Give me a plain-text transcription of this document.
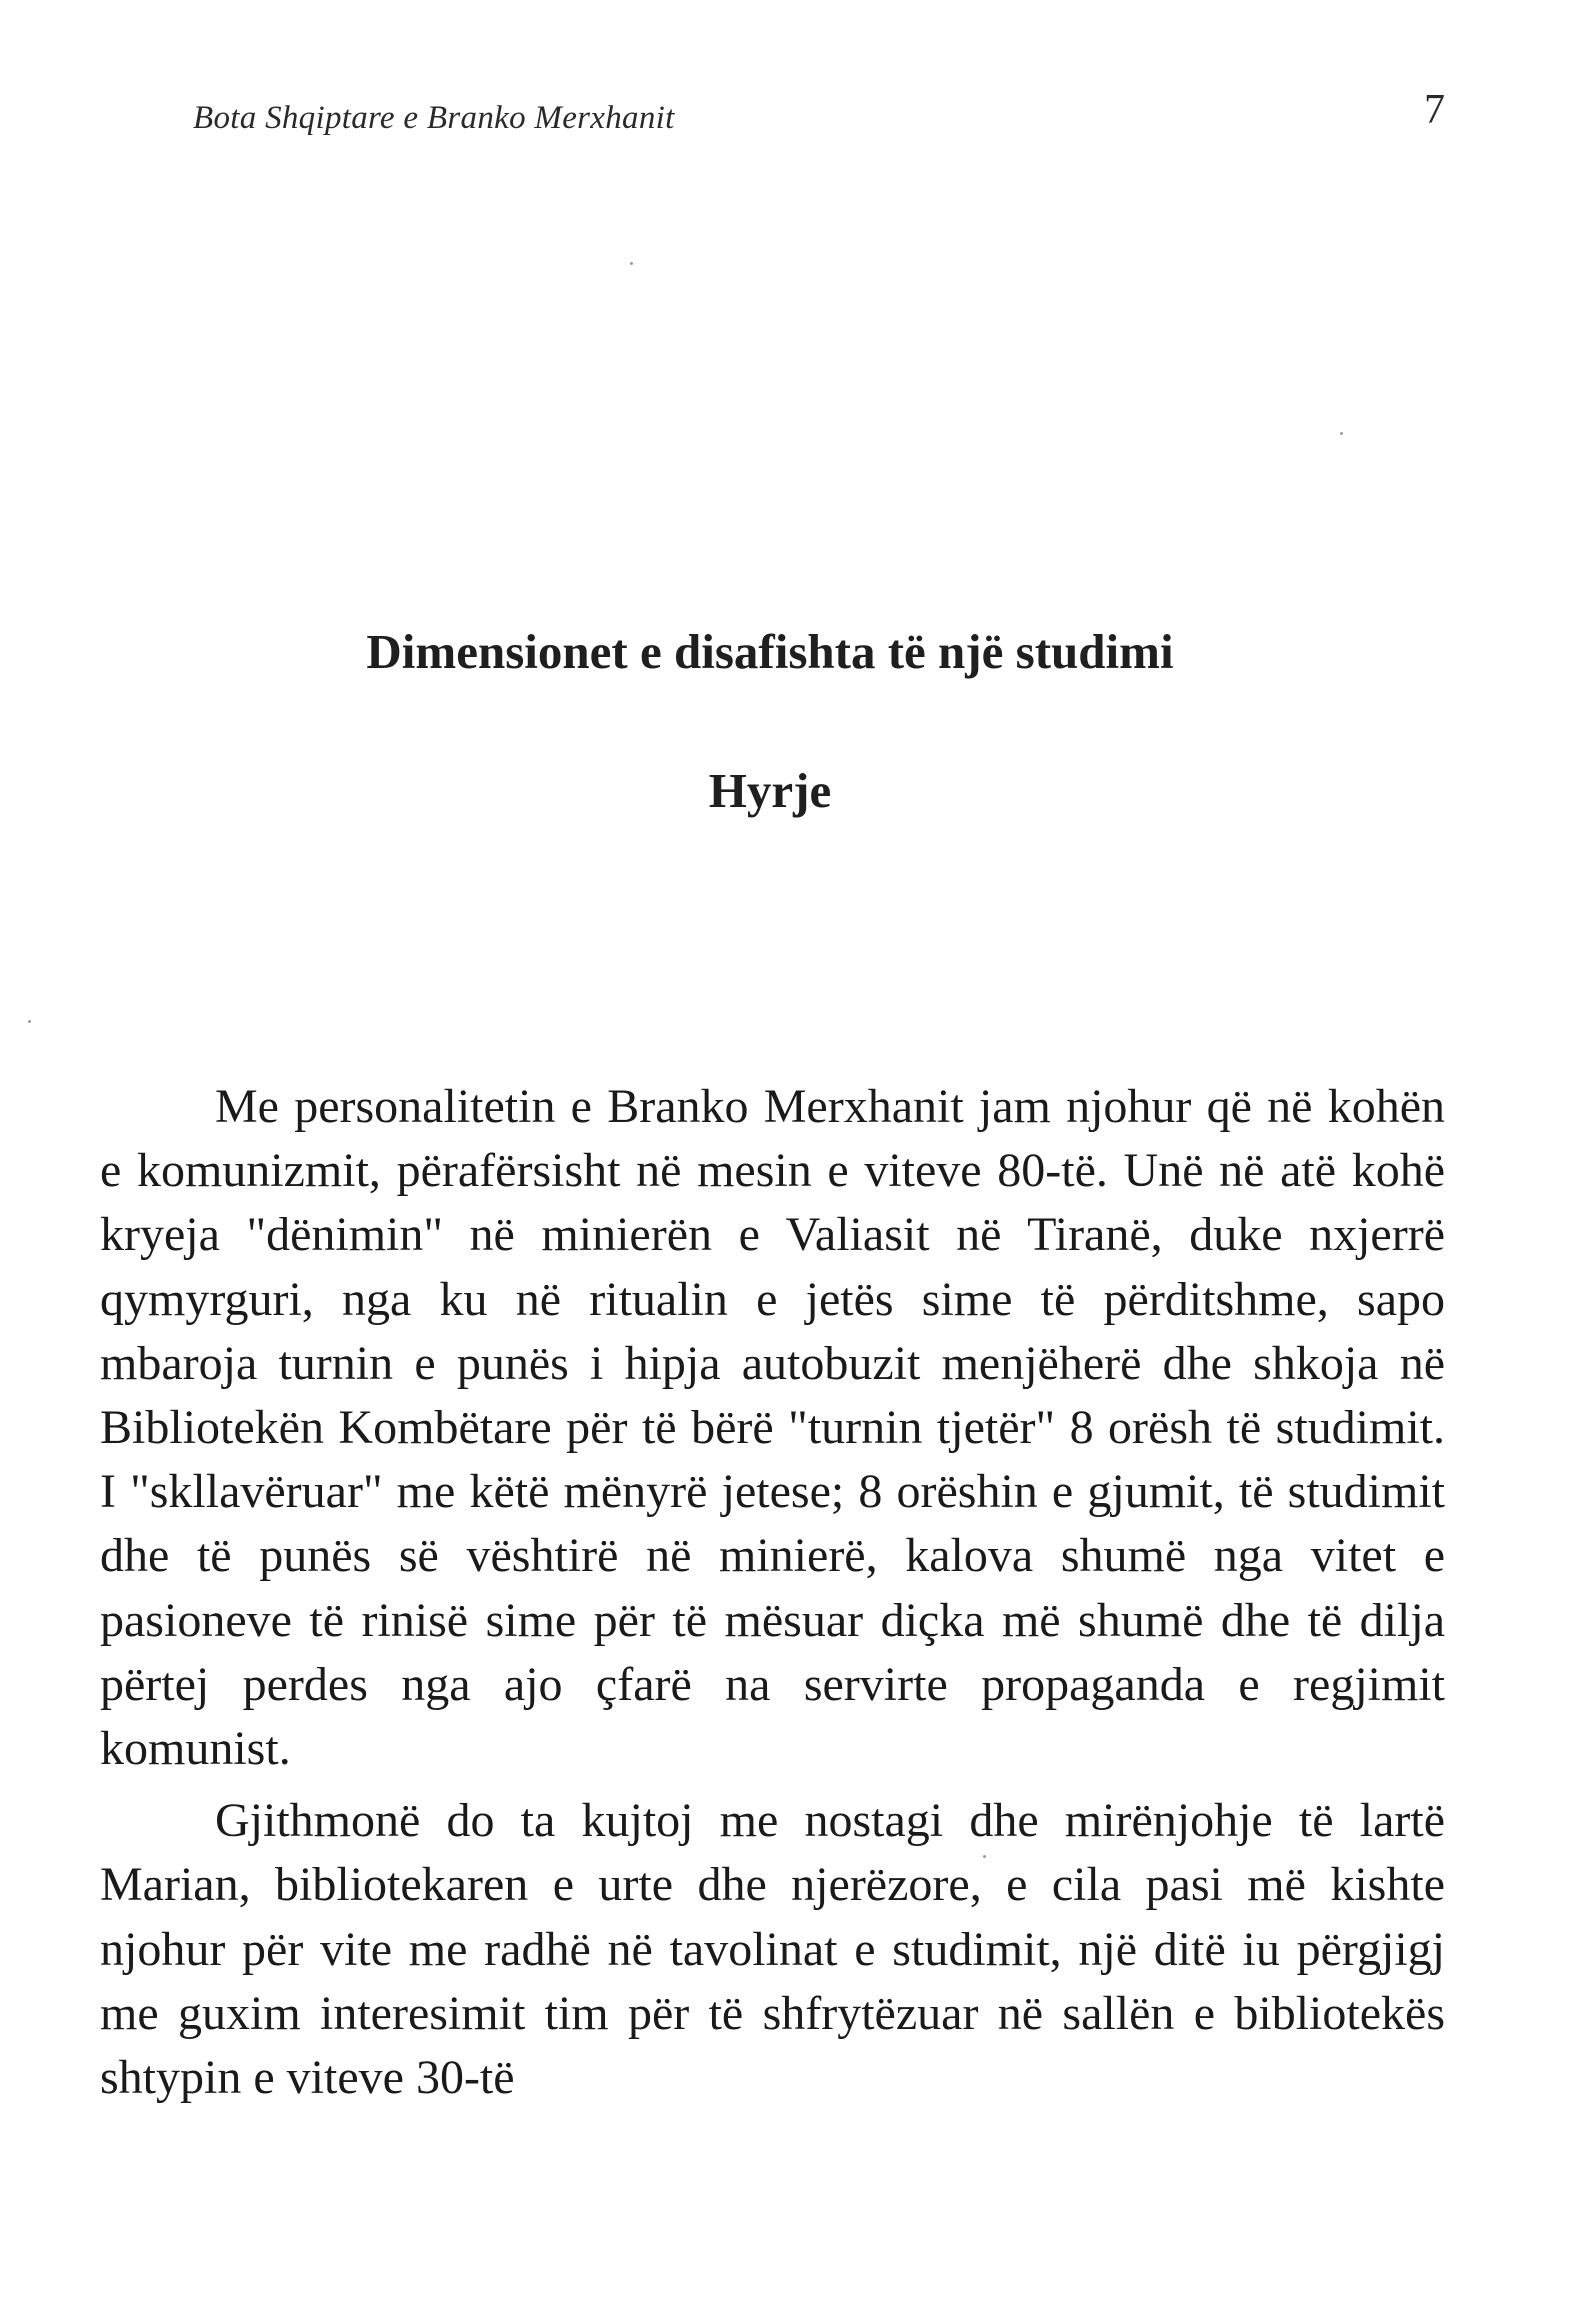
Bota Shqiptare e Branko Merxhanit	7
Dimensionet e disafishta të një studimi
Hyrje

Me personalitetin e Branko Merxhanit jam njohur që në kohën e komunizmit, përafërsisht në mesin e viteve 80-të. Unë në atë kohë kryeja "dënimin" në minierën e Valiasit në Tiranë, duke nxjerrë qymyrguri, nga ku në ritualin e jetës sime të përditshme, sapo mbaroja turnin e punës i hipja autobuzit menjëherë dhe shkoja në Bibliotekën Kombëtare për të bërë "turnin tjetër" 8 orësh të studimit. I "skllavëruar" me këtë mënyrë jetese; 8 orëshin e gjumit, të studimit dhe të punës së vështirë në minierë, kalova shumë nga vitet e pasioneve të rinisë sime për të mësuar diçka më shumë dhe të dilja përtej perdes nga ajo çfarë na servirte propaganda e regjimit komunist.

Gjithmonë do ta kujtoj me nostagi dhe mirënjohje të lartë Marian, bibliotekaren e urte dhe njerëzore, e cila pasi më kishte njohur për vite me radhë në tavolinat e studimit, një ditë iu përgjigj me guxim interesimit tim për të shfrytëzuar në sallën e bibliotekës shtypin e viteve 30-të
